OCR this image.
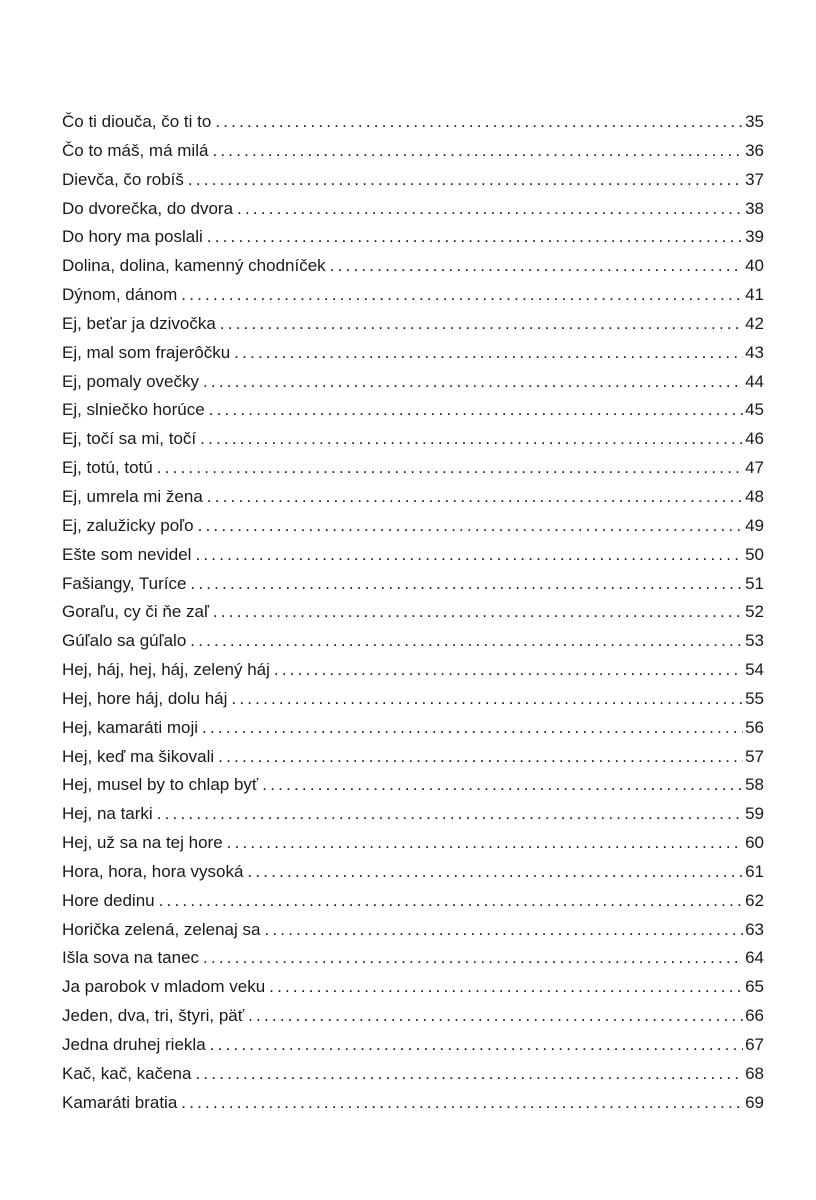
Čo ti diouča, čo ti to .....	35
Čo to máš, má milá .....	36
Dievča, čo robíš .....	37
Do dvorečka, do dvora .....	38
Do hory ma poslali .....	39
Dolina, dolina, kamenný chodníček .....	40
Dýnom, dánom .....	41
Ej, beťar ja dzivočka .....	42
Ej, mal som frajerôčku .....	43
Ej, pomaly ovečky .....	44
Ej, slniečko horúce .....	45
Ej, točí sa mi, točí .....	46
Ej, totú, totú .....	47
Ej, umrela mi žena .....	48
Ej, zalužicky poľo .....	49
Ešte som nevidel .....	50
Fašiangy, Turíce .....	51
Goraľu, cy či ňe zaľ .....	52
Gúľalo sa gúľalo .....	53
Hej, háj, hej, háj, zelený háj .....	54
Hej, hore háj, dolu háj .....	55
Hej, kamaráti moji .....	56
Hej, keď ma šikovali .....	57
Hej, musel by to chlap byť .....	58
Hej, na tarki .....	59
Hej, už sa na tej hore .....	60
Hora, hora, hora vysoká .....	61
Hore dedinu .....	62
Horička zelená, zelenaj sa .....	63
Išla sova na tanec .....	64
Ja parobok v mladom veku .....	65
Jeden, dva, tri, štyri, päť .....	66
Jedna druhej riekla .....	67
Kač, kač, kačena .....	68
Kamaráti bratia .....	69
